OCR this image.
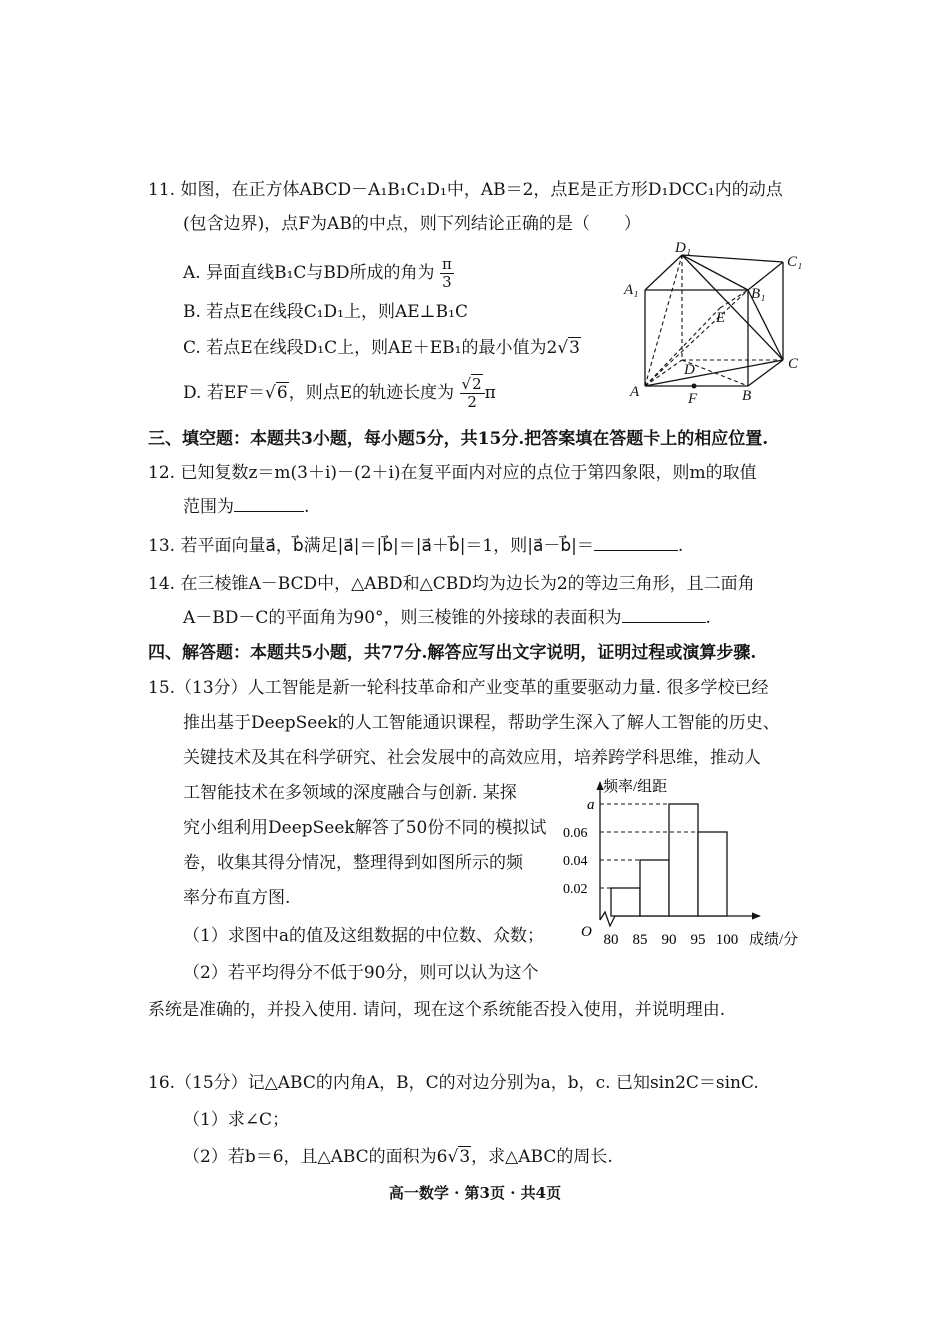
11. 如图，在正方体ABCD－A₁B₁C₁D₁中，AB＝2，点E是正方形D₁DCC₁内的动点
(包含边界)，点F为AB的中点，则下列结论正确的是（　　）
A. 异面直线B₁C与BD所成的角为 $\frac{\pi}{3}$
B. 若点E在线段C₁D₁上，则AE⊥B₁C
C. 若点E在线段D₁C上，则AE＋EB₁的最小值为2√3
D. 若EF＝√6，则点E的轨迹长度为 $\frac{√2}{2}$ π
D₁
C₁
A₁	B₁
E
D	C
A	F	B
三、填空题：本题共3小题，每小题5分，共15分.把答案填在答题卡上的相应位置.
12. 已知复数z＝m(3＋i)－(2＋i)在复平面内对应的点位于第四象限，则m的取值
范围为	.
13. 若平面向量a⃗，b⃗满足|a⃗|＝|b⃗|＝|a⃗＋b⃗|＝1，则|a⃗－b⃗|＝	.
14. 在三棱锥A－BCD中，△ABD和△CBD均为边长为2的等边三角形，且二面角
A－BD－C的平面角为90°，则三棱锥的外接球的表面积为	.
四、解答题：本题共5小题，共77分.解答应写出文字说明，证明过程或演算步骤.
15.（13分）人工智能是新一轮科技革命和产业变革的重要驱动力量. 很多学校已经
推出基于DeepSeek的人工智能通识课程，帮助学生深入了解人工智能的历史、
关键技术及其在科学研究、社会发展中的高效应用，培养跨学科思维，推动人
工智能技术在多领域的深度融合与创新. 某探
究小组利用DeepSeek解答了50份不同的模拟试
卷，收集其得分情况，整理得到如图所示的频
率分布直方图.
（1）求图中a的值及这组数据的中位数、众数；
（2）若平均得分不低于90分，则可以认为这个
系统是准确的，并投入使用. 请问，现在这个系统能否投入使用，并说明理由.
频率/组距
成绩/分
O
0.02
0.04
0.06
a
80 85 90 95 100
16.（15分）记△ABC的内角A，B，C的对边分别为a，b，c. 已知sin2C＝sinC.
（1）求∠C；
（2）若b＝6，且△ABC的面积为6√3，求△ABC的周长.
高一数学 · 第3页 · 共4页
